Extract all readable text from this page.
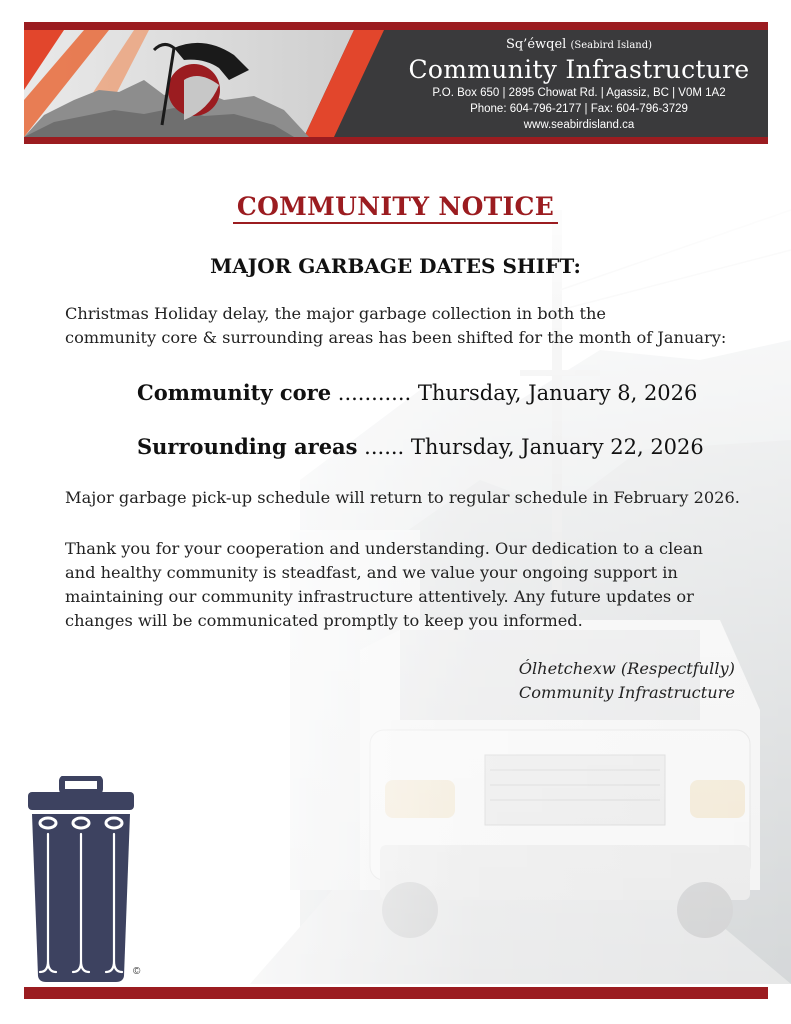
Sq’éwqel (Seabird Island)
Community Infrastructure
P.O. Box 650 | 2895 Chowat Rd. | Agassiz, BC | V0M 1A2
Phone: 604-796-2177 | Fax: 604-796-3729
www.seabirdisland.ca
COMMUNITY NOTICE
MAJOR GARBAGE DATES SHIFT:
Christmas Holiday delay, the major garbage collection in both the
community core & surrounding areas has been shifted for the month of January:
Community core ........... Thursday, January 8, 2026
Surrounding areas ...... Thursday, January 22, 2026
Major garbage pick-up schedule will return to regular schedule in February 2026.
Thank you for your cooperation and understanding. Our dedication to a clean
and healthy community is steadfast, and we value your ongoing support in
maintaining our community infrastructure attentively. Any future updates or
changes will be communicated promptly to keep you informed.
Ólhetchexw (Respectfully)
Community Infrastructure
©
